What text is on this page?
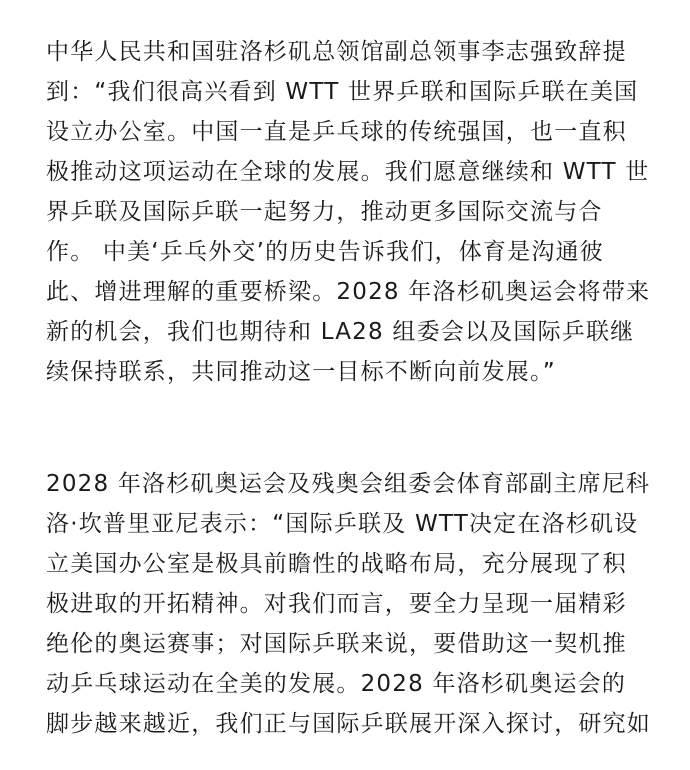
中华人民共和国驻洛杉矶总领馆副总领事李志强致辞提
到：“我们很高兴看到 WTT 世界乒联和国际乒联在美国
设立办公室。中国一直是乒乓球的传统强国，也一直积
极推动这项运动在全球的发展。我们愿意继续和 WTT 世
界乒联及国际乒联一起努力，推动更多国际交流与合
作。 中美‘乒乓外交’的历史告诉我们，体育是沟通彼
此、增进理解的重要桥梁。2028 年洛杉矶奥运会将带来
新的机会，我们也期待和 LA28 组委会以及国际乒联继
续保持联系，共同推动这一目标不断向前发展。”

2028 年洛杉矶奥运会及残奥会组委会体育部副主席尼科
洛·坎普里亚尼表示：“国际乒联及 WTT决定在洛杉矶设
立美国办公室是极具前瞻性的战略布局，充分展现了积
极进取的开拓精神。对我们而言，要全力呈现一届精彩
绝伦的奥运赛事；对国际乒联来说，要借助这一契机推
动乒乓球运动在全美的发展。2028 年洛杉矶奥运会的
脚步越来越近，我们正与国际乒联展开深入探讨，研究如
